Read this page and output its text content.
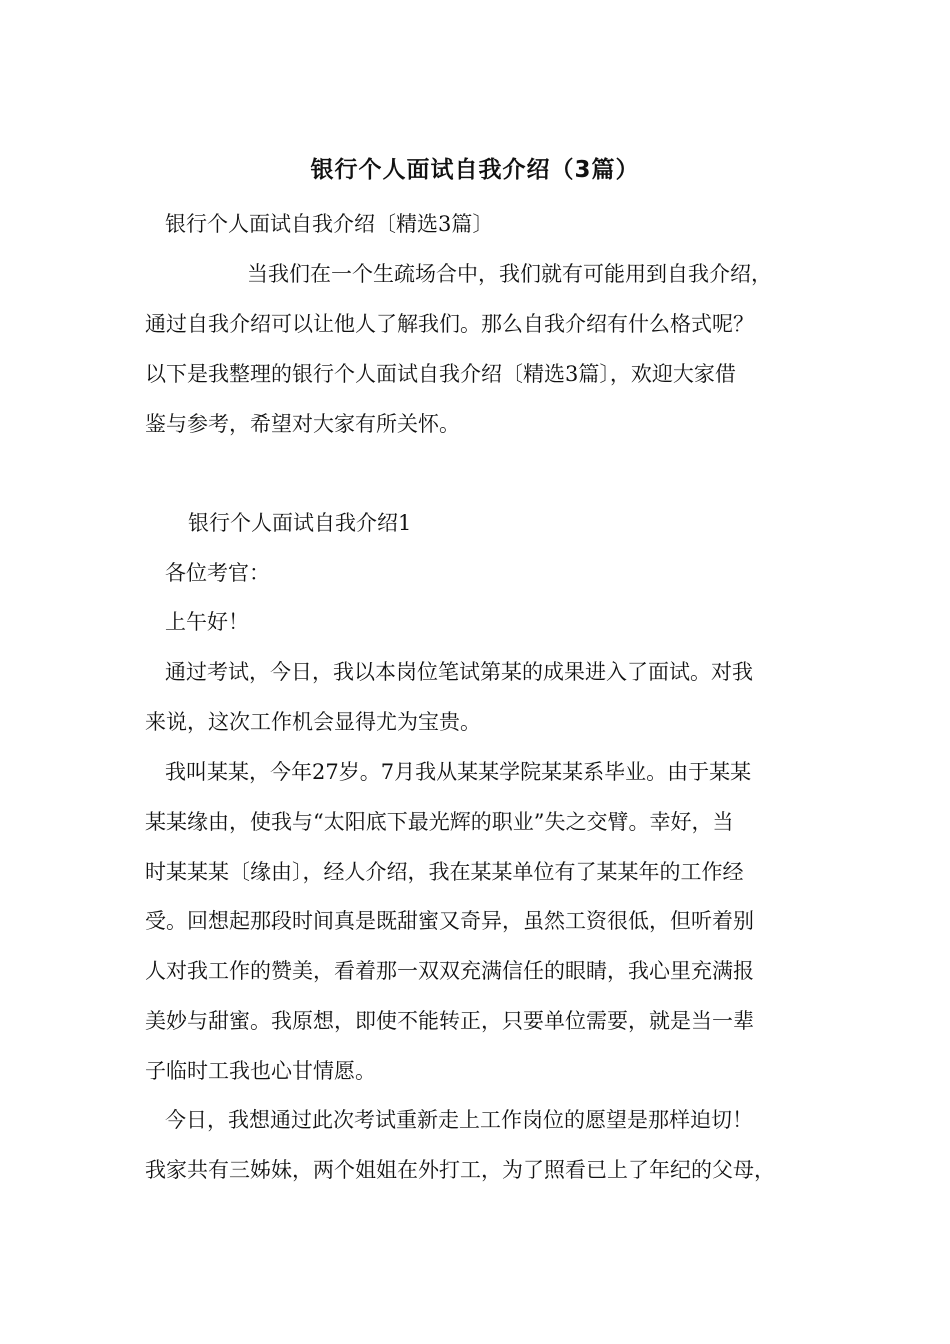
银行个人面试自我介绍（3篇）
银行个人面试自我介绍〔精选3篇〕
当我们在一个生疏场合中，我们就有可能用到自我介绍，
通过自我介绍可以让他人了解我们。那么自我介绍有什么格式呢？
以下是我整理的银行个人面试自我介绍〔精选3篇〕，欢迎大家借
鉴与参考，希望对大家有所关怀。
银行个人面试自我介绍1
各位考官：
上午好！
通过考试，今日，我以本岗位笔试第某的成果进入了面试。对我
来说，这次工作机会显得尤为宝贵。
我叫某某，今年27岁。7月我从某某学院某某系毕业。由于某某
某某缘由，使我与“太阳底下最光辉的职业”失之交臂。幸好，当
时某某某〔缘由〕，经人介绍，我在某某单位有了某某年的工作经
受。回想起那段时间真是既甜蜜又奇异，虽然工资很低，但听着别
人对我工作的赞美，看着那一双双充满信任的眼睛，我心里充满报
美妙与甜蜜。我原想，即使不能转正，只要单位需要，就是当一辈
子临时工我也心甘情愿。
今日，我想通过此次考试重新走上工作岗位的愿望是那样迫切！
我家共有三姊妹，两个姐姐在外打工，为了照看已上了年纪的父母，
